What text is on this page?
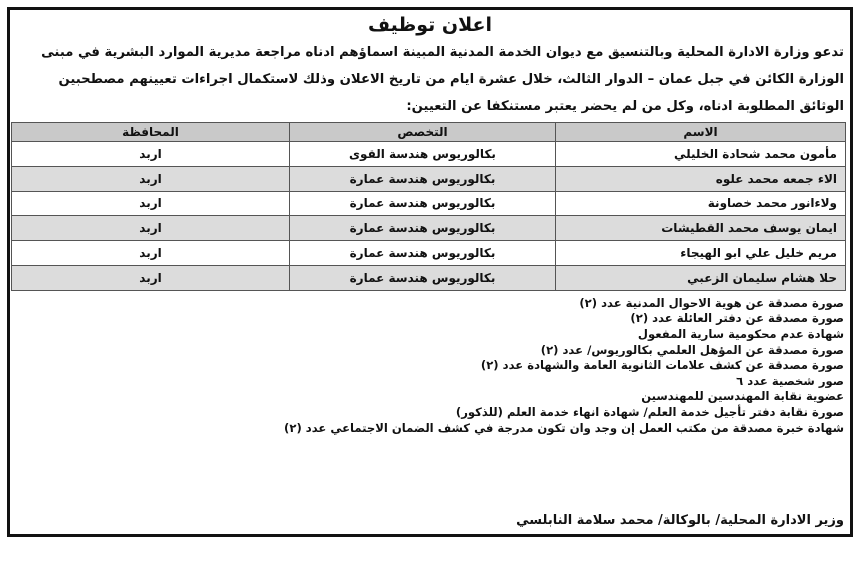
اعلان توظيف
تدعو وزارة الادارة المحلية وبالتنسيق مع ديوان الخدمة المدنية المبينة اسماؤهم ادناه مراجعة مديرية الموارد البشرية في مبنى
الوزارة الكائن في جبل عمان – الدوار الثالث، خلال عشرة ايام من تاريخ الاعلان وذلك لاستكمال اجراءات تعيينهم مصطحبين
الوثائق المطلوبة ادناه، وكل من لم يحضر يعتبر مستنكفا عن التعيين:
الاسم	التخصص	المحافظة
مأمون محمد شحادة الخليلي	بكالوريوس هندسة القوى	اربد
الاء جمعه محمد علوه	بكالوريوس هندسة عمارة	اربد
ولاءانور محمد خصاونة	بكالوريوس هندسة عمارة	اربد
ايمان يوسف محمد القطيشات	بكالوريوس هندسة عمارة	اربد
مريم خليل علي ابو الهيجاء	بكالوريوس هندسة عمارة	اربد
حلا هشام سليمان الزعبي	بكالوريوس هندسة عمارة	اربد
صورة مصدقة عن هوية الاحوال المدنية عدد (٢)
صورة مصدقة عن دفتر العائلة عدد (٢)
شهادة عدم محكومية سارية المفعول
صورة مصدقة عن المؤهل العلمي بكالوريوس/ عدد (٢)
صورة مصدقة عن كشف علامات الثانوية العامة والشهادة عدد (٢)
صور شخصية عدد ٦
عضوية نقابة المهندسين للمهندسين
صورة نقابة دفتر تأجيل خدمة العلم/ شهادة انهاء خدمة العلم (للذكور)
شهادة خبرة مصدقة من مكتب العمل إن وجد وان تكون مدرجة في كشف الضمان الاجتماعي عدد (٢)
وزير الادارة المحلية/ بالوكالة/ محمد سلامة النابلسي
